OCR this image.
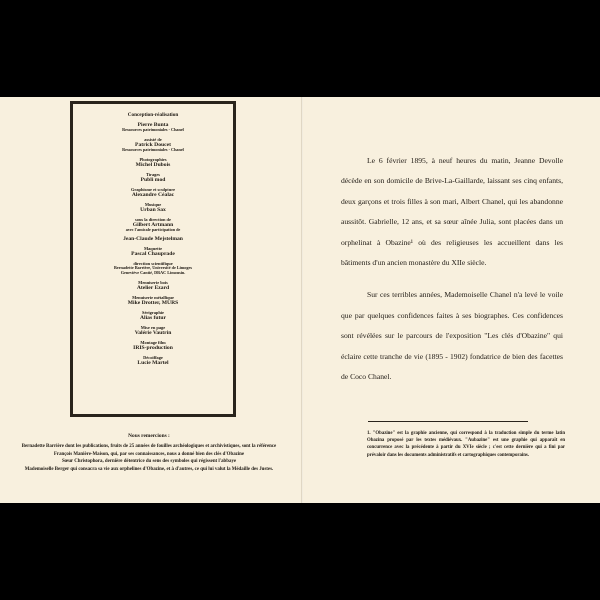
Conception-réalisation
Pierre Bunta
Ressources patrimoniales - Chanel
assisté de
Patrick Doucet
Ressources patrimoniales - Chanel
Photographies
Michel Dubois
Tirages
Publi mod
Graphisme et sculpture
Alexandre Céalac
Musique
Urban Sax
sous la direction de
Gilbert Artmann
avec l'amicale participation de
Jean-Claude Mejstelman
Maquette
Pascal Chauprade
direction scientifique
Bernadette Barrière, Université de Limoges
Geneviève Cantié, DRAC Limousin.
Menuiserie bois
Atelier Ezard
Menuiserie métallique
Mike Drotter, MURS
Sérigraphie
Alias futur
Mise en page
Valérie Vautrin
Montage film
IRIS-production
Décoiffage
Lucie Martel
Nous remercions :

Bernadette Barrière dont les publications, fruits de 25 années de fouilles archéologiques et archivistiques, sont la référence

François Manière-Maison, qui, par ses connaissances, nous a donné bien des clés d'Obazine

Sœur Christophora, dernière détentrice du sens des symboles qui régissent l'abbaye

Mademoiselle Berger qui consacra sa vie aux orphelines d'Obazine, et à d'autres, ce qui lui valut la Médaille des Justes.

Le 6 février 1895, à neuf heures du matin, Jeanne Devolle décède en son domicile de Brive-La-Gaillarde, laissant ses cinq enfants, deux garçons et trois filles à son mari, Albert Chanel, qui les abandonne aussitôt. Gabrielle, 12 ans, et sa sœur aînée Julia, sont placées dans un orphelinat à Obazine¹ où des religieuses les accueillent dans les bâtiments d'un ancien monastère du XIIe siècle.

Sur ces terribles années, Mademoiselle Chanel n'a levé le voile que par quelques confidences faites à ses biographes. Ces confidences sont révélées sur le parcours de l'exposition "Les clés d'Obazine" qui éclaire cette tranche de vie (1895 - 1902) fondatrice de bien des facettes de Coco Chanel.

1. "Obazine" est la graphie ancienne, qui correspond à la traduction simple du terme latin Obazina proposé par les textes médiévaux. "Aubazine" est une graphie qui apparaît en concurrence avec la précédente à partir du XVIe siècle ; c'est cette dernière qui a fini par prévaloir dans les documents administratifs et cartographiques contemporains.
